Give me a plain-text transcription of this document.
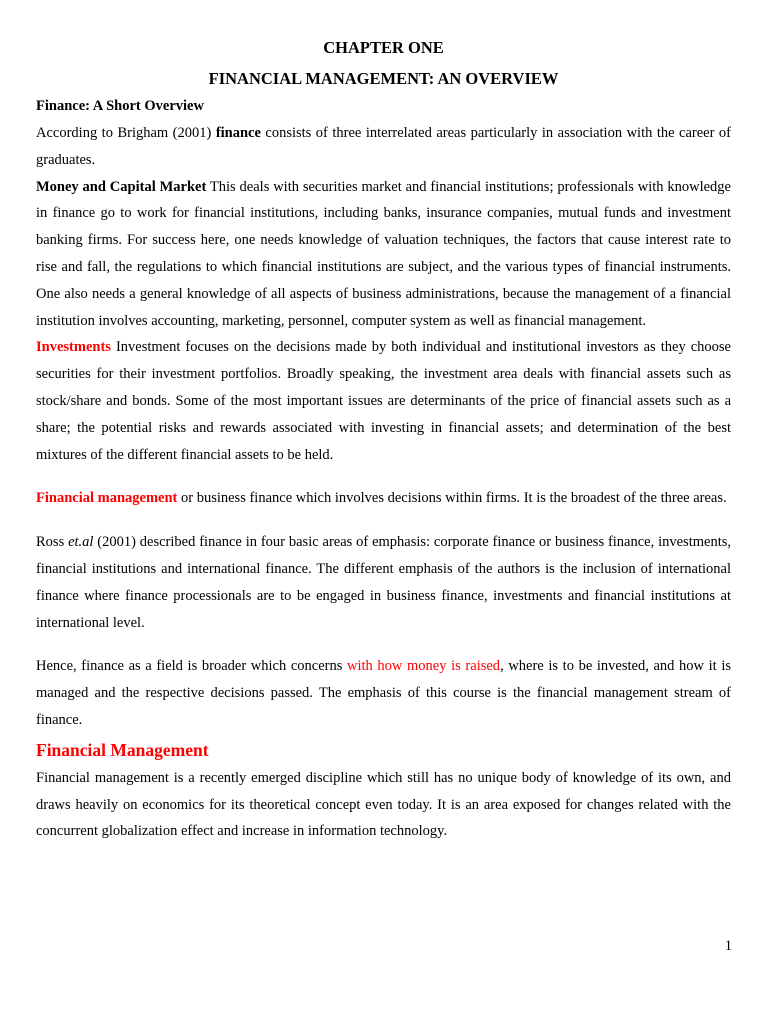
CHAPTER ONE
FINANCIAL MANAGEMENT: AN OVERVIEW
Finance: A Short Overview

According to Brigham (2001) finance consists of three interrelated areas particularly in association with the career of graduates.

Money and Capital Market This deals with securities market and financial institutions; professionals with knowledge in finance go to work for financial institutions, including banks, insurance companies, mutual funds and investment banking firms. For success here, one needs knowledge of valuation techniques, the factors that cause interest rate to rise and fall, the regulations to which financial institutions are subject, and the various types of financial instruments. One also needs a general knowledge of all aspects of business administrations, because the management of a financial institution involves accounting, marketing, personnel, computer system as well as financial management.

Investments Investment focuses on the decisions made by both individual and institutional investors as they choose securities for their investment portfolios. Broadly speaking, the investment area deals with financial assets such as stock/share and bonds. Some of the most important issues are determinants of the price of financial assets such as a share; the potential risks and rewards associated with investing in financial assets; and determination of the best mixtures of the different financial assets to be held.

Financial management or business finance which involves decisions within firms. It is the broadest of the three areas.

Ross et.al (2001) described finance in four basic areas of emphasis: corporate finance or business finance, investments, financial institutions and international finance. The different emphasis of the authors is the inclusion of international finance where finance processionals are to be engaged in business finance, investments and financial institutions at international level.

Hence, finance as a field is broader which concerns with how money is raised, where is to be invested, and how it is managed and the respective decisions passed. The emphasis of this course is the financial management stream of finance.

Financial Management

Financial management is a recently emerged discipline which still has no unique body of knowledge of its own, and draws heavily on economics for its theoretical concept even today. It is an area exposed for changes related with the concurrent globalization effect and increase in information technology.

1
